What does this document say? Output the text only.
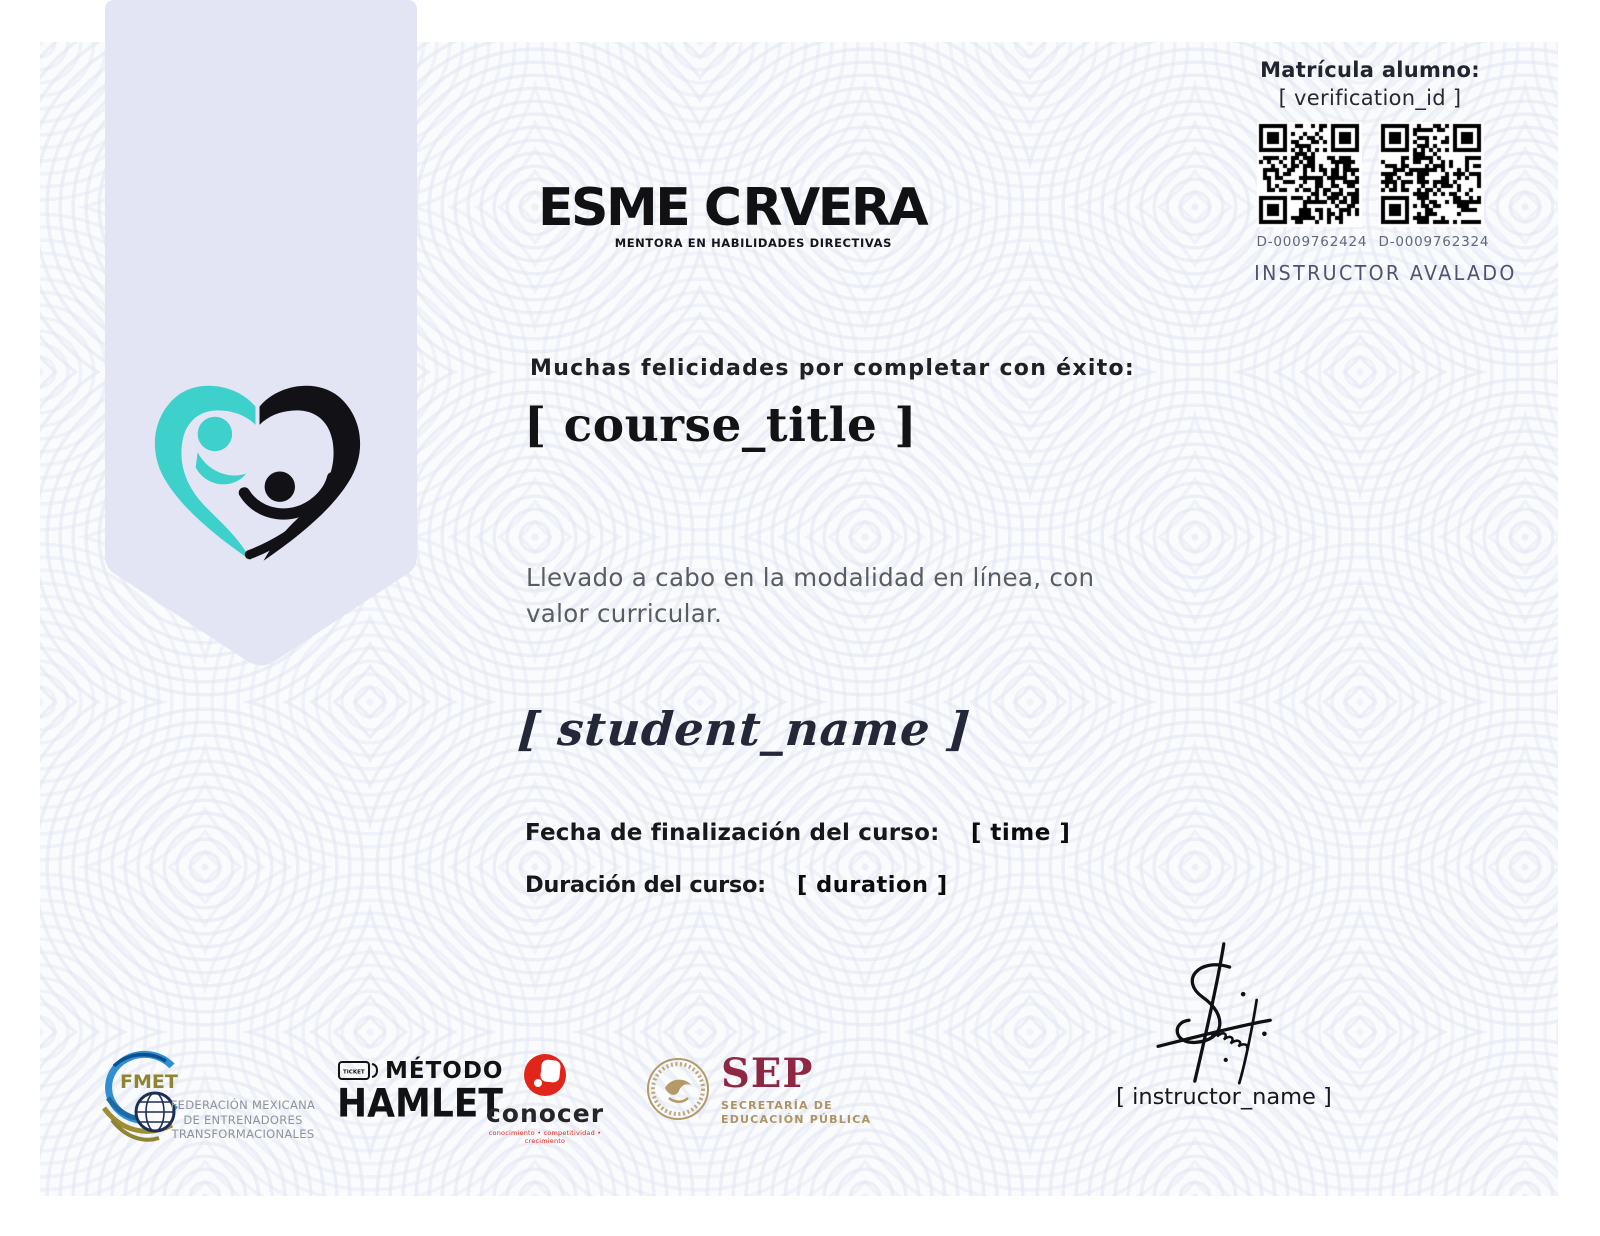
ESME C RVERA
MENTORA EN HABILIDADES DIRECTIVAS
Matrícula alumno:
[ verification_id ]
D-0009762424 D-0009762324
INSTRUCTOR AVALADO
Muchas felicidades por completar con éxito:
[ course_title ]
Llevado a cabo en la modalidad en línea, con valor curricular.
[ student_name ]
Fecha de finalización del curso: [ time ]
Duración del curso: [ duration ]
[ instructor_name ]
FMET
FEDERACIÓN MEXICANA
DE ENTRENADORES
TRANSFORMACIONALES
TICKET MÉTODO
HAMLET
conocer
conocimiento • competitividad • crecimiento
SEP
SECRETARÍA DE
EDUCACIÓN PÚBLICA
